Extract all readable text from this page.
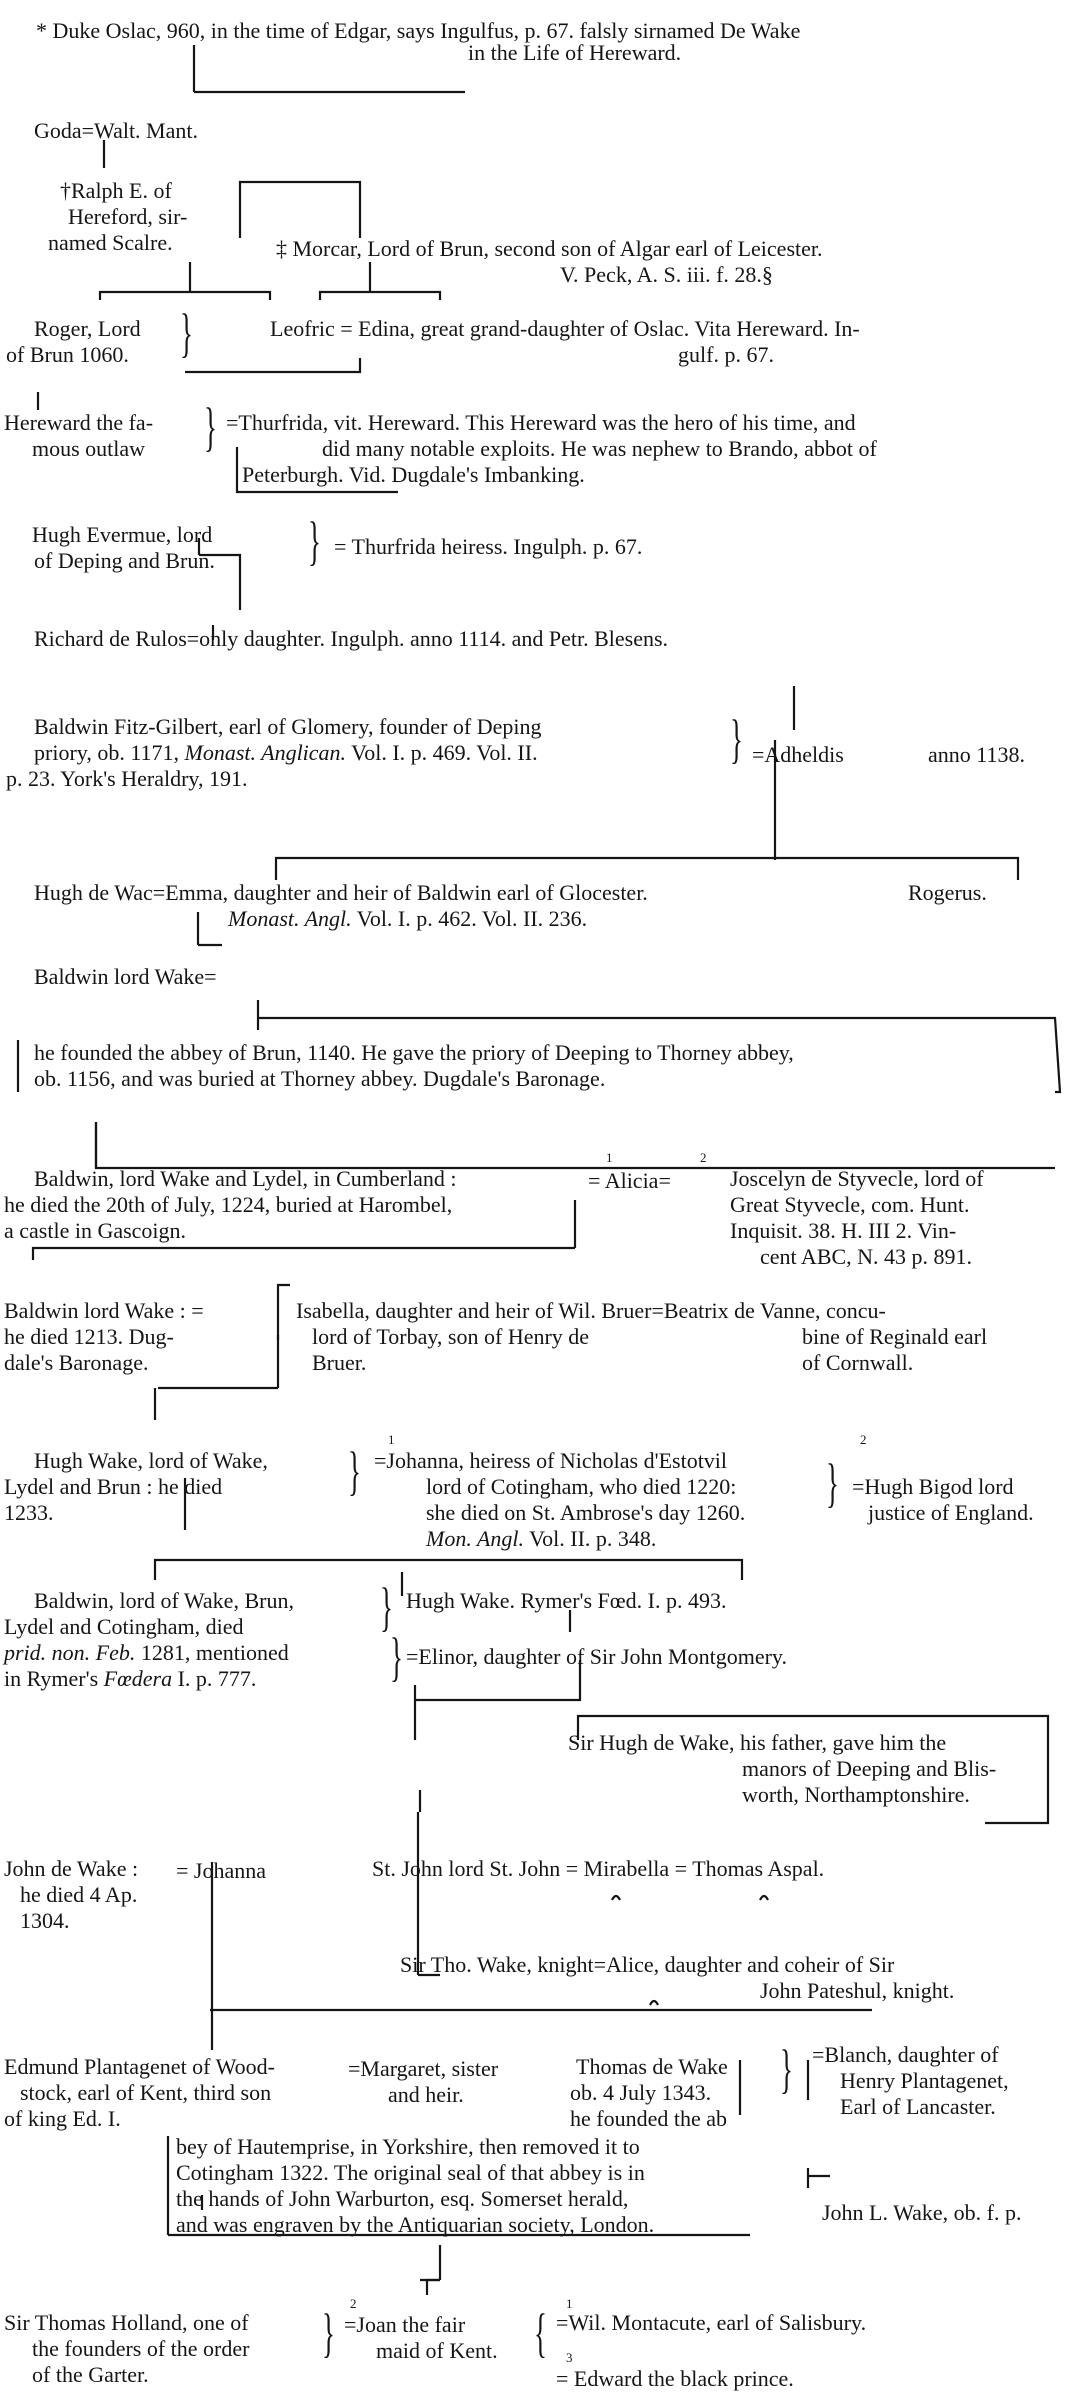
* Duke Oslac, 960, in the time of Edgar, says Ingulfus, p. 67. falsly sirnamed De Wake
in the Life of Hereward.
Goda=Walt. Mant.
†Ralph E. of
Hereford, sir-
named Scalre.	‡ Morcar, Lord of Brun, second son of Algar earl of Leicester.
V. Peck, A. S. iii. f. 28.§
Roger, Lord
of Brun 1060. }	Leofric = Edina, great grand-daughter of Oslac. Vita Hereward. In-
gulf. p. 67.
Hereward the fa-
mous outlaw } =Thurfrida, vit. Hereward. This Hereward was the hero of his time, and
did many notable exploits. He was nephew to Brando, abbot of
Peterburgh. Vid. Dugdale's Imbanking.
Hugh Evermue, lord
of Deping and Brun. } = Thurfrida heiress. Ingulph. p. 67.
Richard de Rulos=only daughter. Ingulph. anno 1114. and Petr. Blesens.
Baldwin Fitz-Gilbert, earl of Glomery, founder of Deping
priory, ob. 1171, Monast. Anglican. Vol. I. p. 469. Vol. II.
p. 23. York's Heraldry, 191.
} =Adheldis	anno 1138.
Hugh de Wac=Emma, daughter and heir of Baldwin earl of Glocester.	Rogerus.
Monast. Angl. Vol. I. p. 462. Vol. II. 236.
Baldwin lord Wake=
he founded the abbey of Brun, 1140. He gave the priory of Deeping to Thorney abbey,
ob. 1156, and was buried at Thorney abbey. Dugdale's Baronage.
Baldwin, lord Wake and Lydel, in Cumberland :
he died the 20th of July, 1224, buried at Harombel,
a castle in Gascoign.
1	2
= Alicia=	Joscelyn de Styvecle, lord of
Great Styvecle, com. Hunt.
Inquisit. 38. H. III 2. Vin-
cent ABC, N. 43 p. 891.
Baldwin lord Wake : =
he died 1213. Dug-
dale's Baronage.
Isabella, daughter and heir of Wil. Bruer=Beatrix de Vanne, concu-
lord of Torbay, son of Henry de
Bruer.
bine of Reginald earl
of Cornwall.
Hugh Wake, lord of Wake,
Lydel and Brun : he died
1233.
}
1	2
=Johanna, heiress of Nicholas d'Estotvil
lord of Cotingham, who died 1220:
she died on St. Ambrose's day 1260.
Mon. Angl. Vol. II. p. 348.
} =Hugh Bigod lord
justice of England.
Baldwin, lord of Wake, Brun,
Lydel and Cotingham, died
prid. non. Feb. 1281, mentioned
in Rymer's Fœdera I. p. 777.
} Hugh Wake. Rymer's Fœd. I. p. 493.
} =Elinor, daughter of Sir John Montgomery.
Sir Hugh de Wake, his father, gave him the
manors of Deeping and Blis-
worth, Northamptonshire.
John de Wake : = Johanna
he died 4 Ap.
1304.
St. John lord St. John = Mirabella = Thomas Aspal.
Sir Tho. Wake, knight=Alice, daughter and coheir of Sir
John Pateshul, knight.
Edmund Plantagenet of Wood-
stock, earl of Kent, third son
of king Ed. I.
=Margaret, sister
and heir.
Thomas de Wake
ob. 4 July 1343.
he founded the ab
} =Blanch, daughter of
Henry Plantagenet,
Earl of Lancaster.
bey of Hautemprise, in Yorkshire, then removed it to
Cotingham 1322. The original seal of that abbey is in
the hands of John Warburton, esq. Somerset herald,
and was engraven by the Antiquarian society, London.	John L. Wake, ob. f. p.
Sir Thomas Holland, one of
the founders of the order
of the Garter.
} 2
=Joan the fair
maid of Kent. { 1
=Wil. Montacute, earl of Salisbury.
3
= Edward the black prince.
